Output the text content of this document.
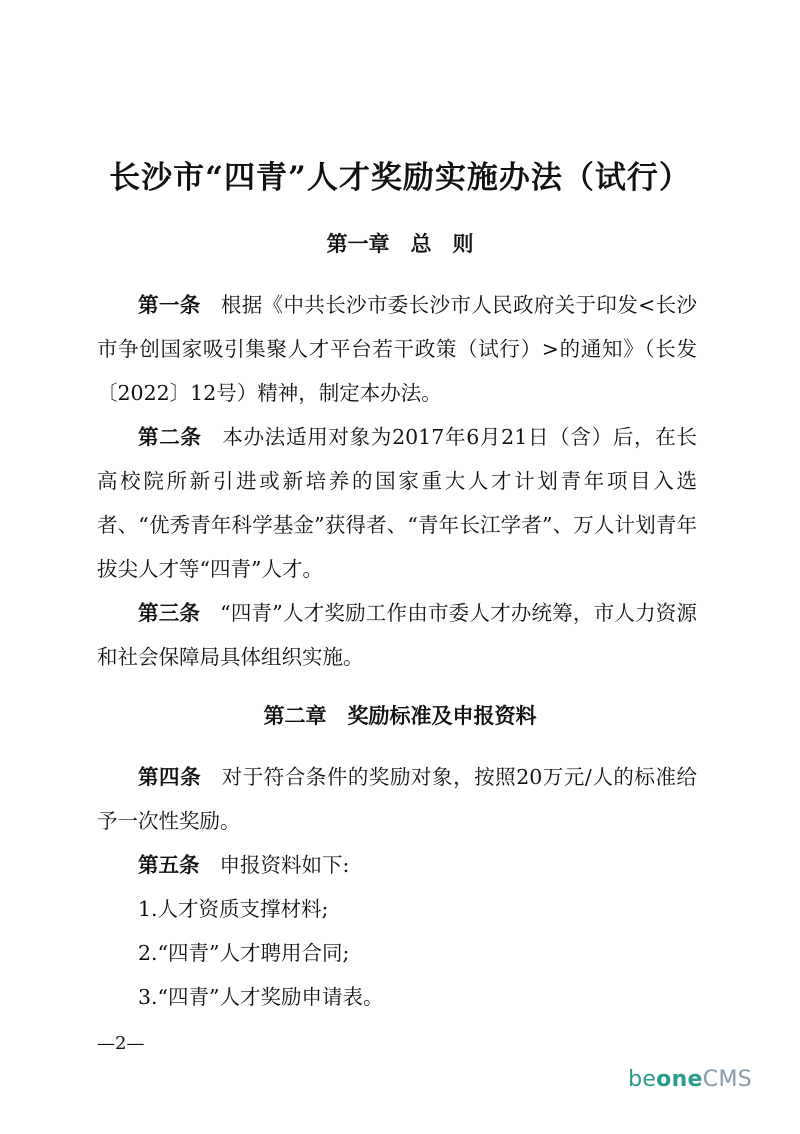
长沙市“四青”人才奖励实施办法（试行）
第一章　总　则

第一条 根据《中共长沙市委长沙市人民政府关于印发<长沙市争创国家吸引集聚人才平台若干政策（试行）>的通知》（长发〔2022〕12号）精神，制定本办法。

第二条 本办法适用对象为2017年6月21日（含）后，在长高校院所新引进或新培养的国家重大人才计划青年项目入选者、“优秀青年科学基金”获得者、“青年长江学者”、万人计划青年拔尖人才等“四青”人才。

第三条 “四青”人才奖励工作由市委人才办统筹，市人力资源和社会保障局具体组织实施。

第二章　奖励标准及申报资料

第四条 对于符合条件的奖励对象，按照20万元/人的标准给予一次性奖励。

第五条 申报资料如下:

1.人才资质支撑材料;

2.“四青”人才聘用合同;

3.“四青”人才奖励申请表。

—2—
beoneCMS
